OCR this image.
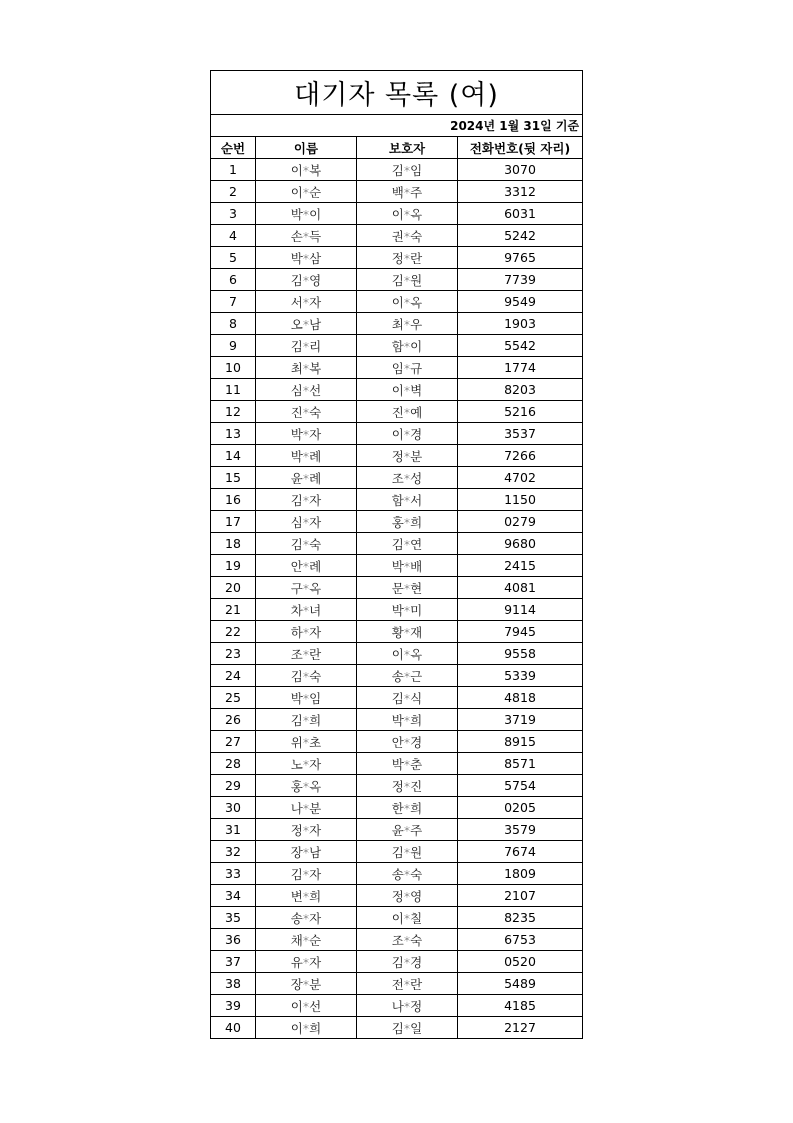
대기자 목록 (여)			
2024년 1월 31일 기준			
순번	이름	보호자	전화번호(뒷 자리)
1	이*복	김*임	3070
2	이*순	백*주	3312
3	박*이	이*옥	6031
4	손*득	권*숙	5242
5	박*삼	정*란	9765
6	김*영	김*원	7739
7	서*자	이*옥	9549
8	오*남	최*우	1903
9	김*리	함*이	5542
10	최*복	임*규	1774
11	심*선	이*벽	8203
12	진*숙	진*예	5216
13	박*자	이*경	3537
14	박*례	정*분	7266
15	윤*례	조*성	4702
16	김*자	함*서	1150
17	심*자	홍*희	0279
18	김*숙	김*연	9680
19	안*례	박*배	2415
20	구*옥	문*현	4081
21	차*녀	박*미	9114
22	하*자	황*재	7945
23	조*란	이*옥	9558
24	김*숙	송*근	5339
25	박*임	김*식	4818
26	김*희	박*희	3719
27	위*초	안*경	8915
28	노*자	박*춘	8571
29	홍*옥	정*진	5754
30	나*분	한*희	0205
31	정*자	윤*주	3579
32	장*남	김*원	7674
33	김*자	송*숙	1809
34	변*희	정*영	2107
35	송*자	이*칠	8235
36	채*순	조*숙	6753
37	유*자	김*경	0520
38	장*분	전*란	5489
39	이*선	나*정	4185
40	이*희	김*일	2127
